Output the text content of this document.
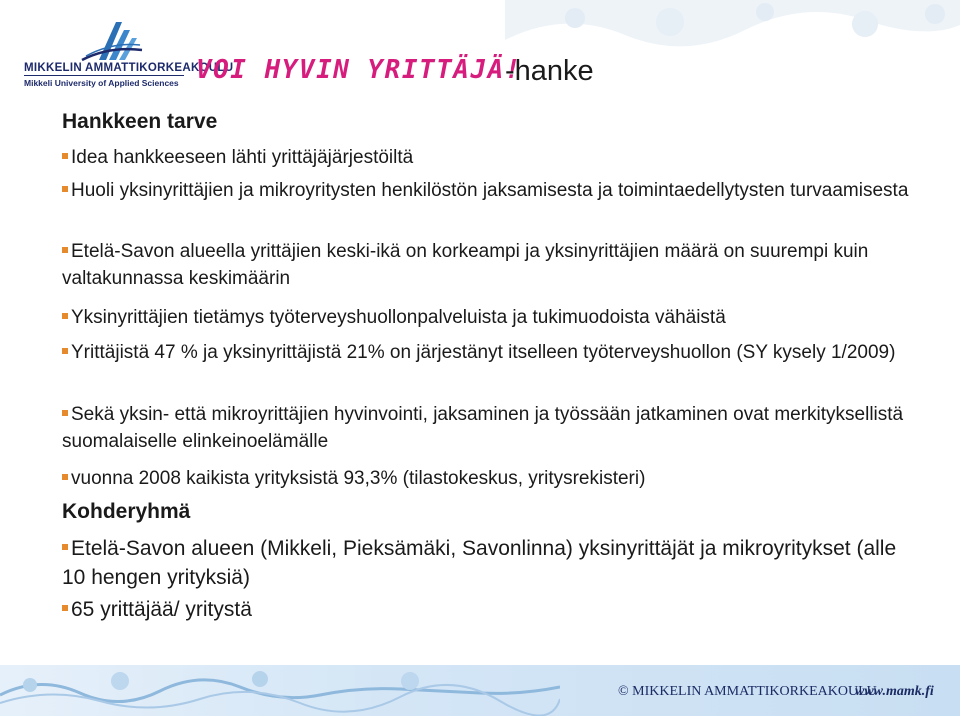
MIKKELIN AMMATTIKORKEAKOULU
Mikkeli University of Applied Sciences VOI HYVIN YRITTÄJÄ!
-hanke
Hankkeen tarve
Idea hankkeeseen lähti yrittäjäjärjestöiltä
Huoli yksinyrittäjien ja mikroyritysten henkilöstön jaksamisesta ja toimintaedellytysten turvaamisesta
Etelä-Savon alueella yrittäjien keski-ikä on korkeampi ja yksinyrittäjien määrä on suurempi kuin valtakunnassa keskimäärin
Yksinyrittäjien tietämys työterveyshuollonpalveluista ja tukimuodoista vähäistä
Yrittäjistä 47 % ja yksinyrittäjistä 21% on järjestänyt itselleen työterveyshuollon (SY kysely 1/2009)
Sekä yksin- että mikroyrittäjien hyvinvointi, jaksaminen ja työssään jatkaminen ovat merkityksellistä suomalaiselle elinkeinoelämälle
vuonna 2008 kaikista yrityksistä 93,3% (tilastokeskus, yritysrekisteri)
Kohderyhmä
Etelä-Savon alueen (Mikkeli, Pieksämäki, Savonlinna) yksinyrittäjät ja mikroyritykset (alle 10 hengen yrityksiä)
65 yrittäjää/ yritystä
© MIKKELIN AMMATTIKORKEAKOULU
www.mamk.fi
